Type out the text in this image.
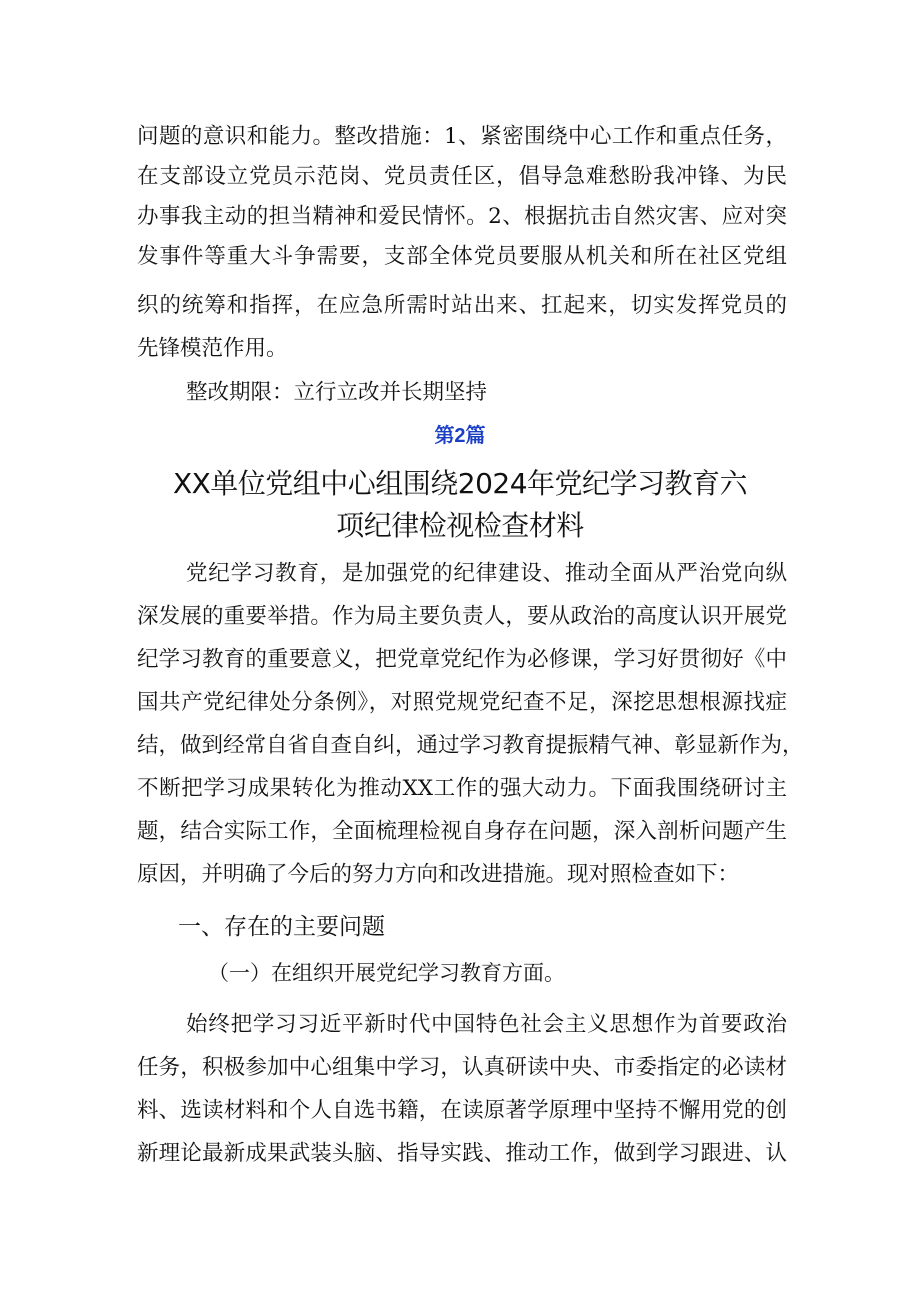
问题的意识和能力。整改措施：1、紧密围绕中心工作和重点任务，
在支部设立党员示范岗、党员责任区，倡导急难愁盼我冲锋、为民
办事我主动的担当精神和爱民情怀。2、根据抗击自然灾害、应对突
发事件等重大斗争需要，支部全体党员要服从机关和所在社区党组
织的统筹和指挥，在应急所需时站出来、扛起来，切实发挥党员的
先锋模范作用。
整改期限：立行立改并长期坚持
第2篇
XX单位党组中心组围绕2024年党纪学习教育六
项纪律检视检查材料
党纪学习教育，是加强党的纪律建设、推动全面从严治党向纵
深发展的重要举措。作为局主要负责人，要从政治的高度认识开展党
纪学习教育的重要意义，把党章党纪作为必修课，学习好贯彻好《中
国共产党纪律处分条例》，对照党规党纪查不足，深挖思想根源找症
结，做到经常自省自查自纠，通过学习教育提振精气神、彰显新作为，
不断把学习成果转化为推动XX工作的强大动力。下面我围绕研讨主
题，结合实际工作，全面梳理检视自身存在问题，深入剖析问题产生
原因，并明确了今后的努力方向和改进措施。现对照检查如下：
一、存在的主要问题
（一）在组织开展党纪学习教育方面。
始终把学习习近平新时代中国特色社会主义思想作为首要政治
任务，积极参加中心组集中学习，认真研读中央、市委指定的必读材
料、选读材料和个人自选书籍，在读原著学原理中坚持不懈用党的创
新理论最新成果武装头脑、指导实践、推动工作，做到学习跟进、认
